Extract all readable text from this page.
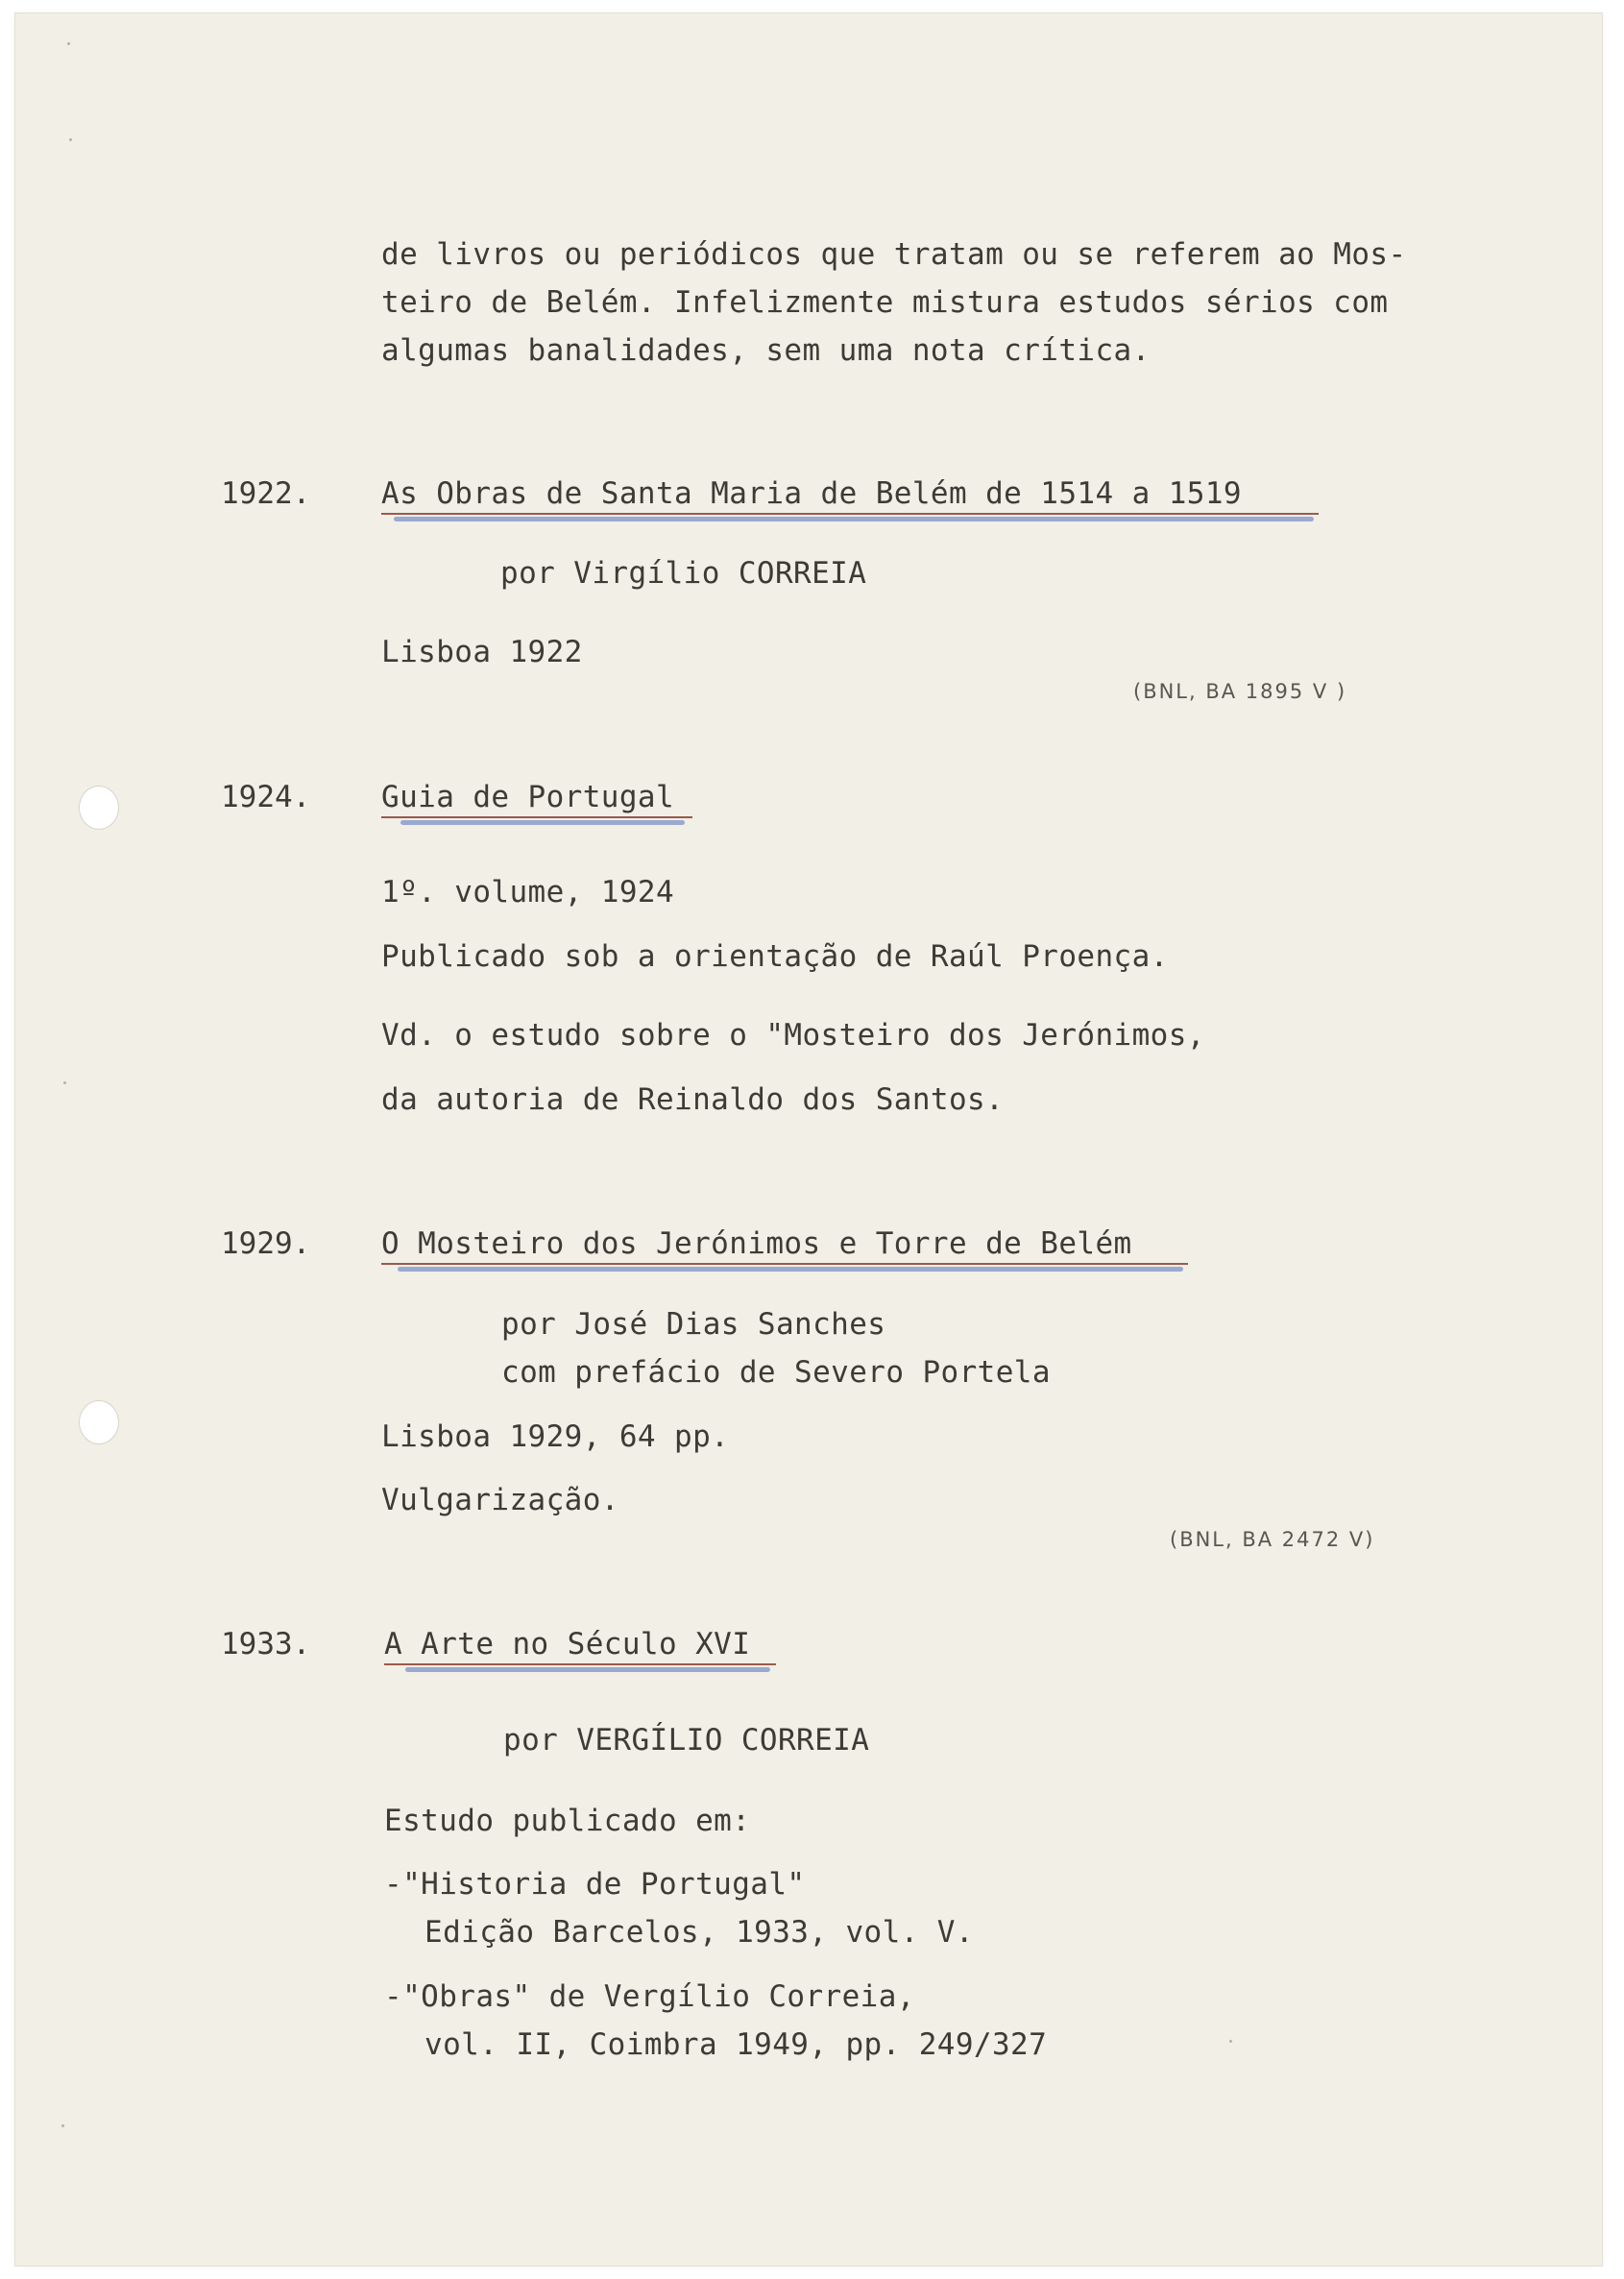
de livros ou periódicos que tratam ou se referem ao Mos-
teiro de Belém. Infelizmente mistura estudos sérios com
algumas banalidades, sem uma nota crítica.
1922. As Obras de Santa Maria de Belém de 1514 a 1519
por Virgílio CORREIA
Lisboa 1922
(BNL, BA 1895 V )
1924. Guia de Portugal
1º. volume, 1924
Publicado sob a orientação de Raúl Proença.
Vd. o estudo sobre o "Mosteiro dos Jerónimos,
da autoria de Reinaldo dos Santos.
1929. O Mosteiro dos Jerónimos e Torre de Belém
por José Dias Sanches
com prefácio de Severo Portela
Lisboa 1929, 64 pp.
Vulgarização.
(BNL, BA 2472 V)
1933. A Arte no Século XVI
por VERGÍLIO CORREIA
Estudo publicado em:
-"Historia de Portugal"
Edição Barcelos, 1933, vol. V.
-"Obras" de Vergílio Correia,
vol. II, Coimbra 1949, pp. 249/327
